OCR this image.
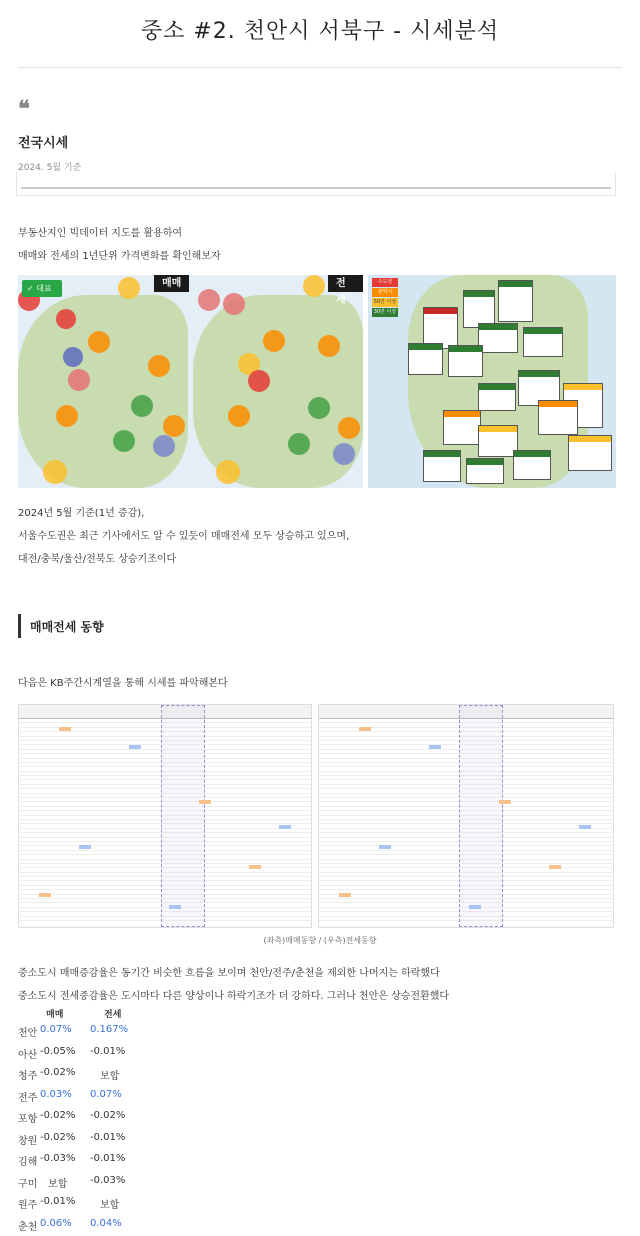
중소 #2. 천안시 서북구 - 시세분석
❝
전국시세
2024. 5월 기준
부동산지인 빅데이터 지도를 활용하여
매매와 전세의 1년단위 가격변화를 확인해보자
✓ 대표	매매	전세
수도권
광역시
50만 이상
30만 이상
2024년 5월 기준(1년 증감),
서울수도권은 최근 기사에서도 알 수 있듯이 매매전세 모두 상승하고 있으며,
대전/충북/울산/전북도 상승기조이다
매매전세 동향
다음은 KB주간시계열을 통해 시세를 파악해본다
(좌측)매매동향 / (우측)전세동향
중소도시 매매증감율은 동기간 비슷한 흐름을 보이며 천안/전주/춘천을 제외한 나머지는 하락했다
중소도시 전세증감율은 도시마다 다른 양상이나 하락기조가 더 강하다. 그러나 천안은 상승전환했다
매매	전세
천안 0.07% 0.167%
아산 -0.05% -0.01%
청주 -0.02% 보합
전주 0.03% 0.07%
포항 -0.02% -0.02%
창원 -0.02% -0.01%
김해 -0.03% -0.01%
구미 보합 -0.03%
원주 -0.01% 보합
춘천 0.06% 0.04%
